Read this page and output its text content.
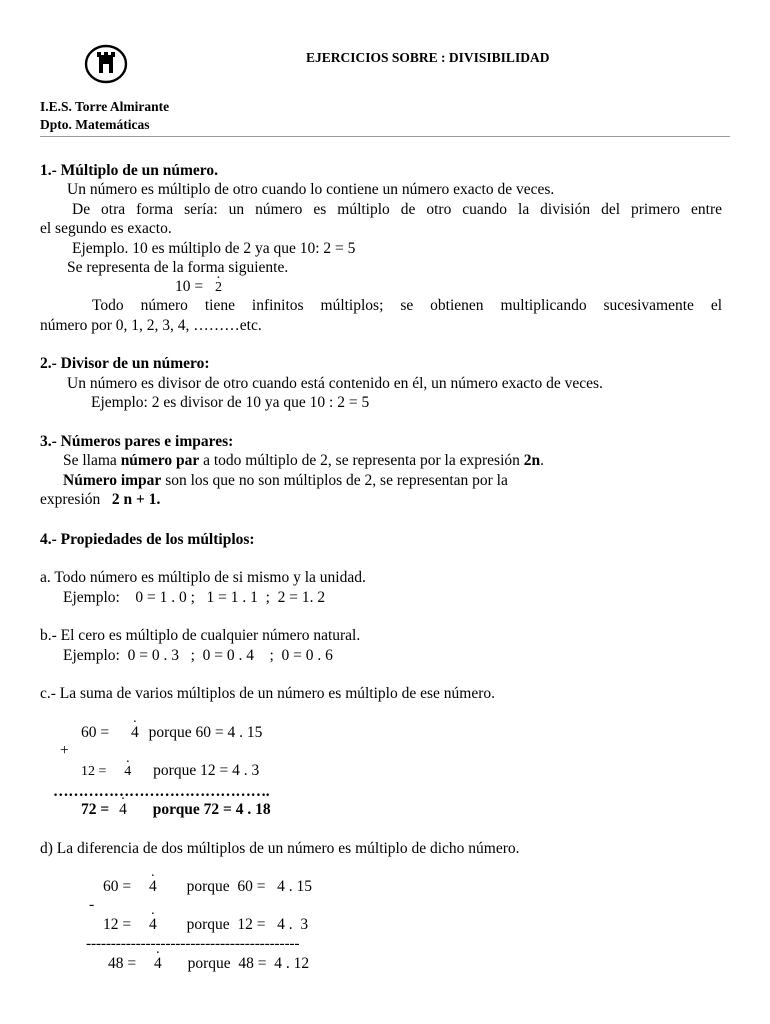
EJERCICIOS SOBRE : DIVISIBILIDAD
I.E.S. Torre Almirante
Dpto. Matemáticas
1.- Múltiplo de un número.
Un número es múltiplo de otro cuando lo contiene un número exacto de veces.
De otra forma sería: un número es múltiplo de otro cuando la división del primero entre
el segundo es exacto.
Ejemplo. 10 es múltiplo de 2 ya que 10: 2 = 5
Se representa de la forma siguiente.
10 = · 2
Todo número tiene infinitos múltiplos; se obtienen multiplicando sucesivamente el
número por 0, 1, 2, 3, 4, ………etc.
2.- Divisor de un número:
Un número es divisor de otro cuando está contenido en él, un número exacto de veces.
Ejemplo: 2 es divisor de 10 ya que 10 : 2 = 5
3.- Números pares e impares:
Se llama número par a todo múltiplo de 2, se representa por la expresión 2n.
Número impar son los que no son múltiplos de 2, se representan por la
expresión   2 n + 1.
4.- Propiedades de los múltiplos:
a. Todo número es múltiplo de si mismo y la unidad.
Ejemplo:    0 = 1 . 0 ;   1 = 1 . 1  ;  2 = 1. 2
b.- El cero es múltiplo de cualquier número natural.
Ejemplo:  0 = 0 . 3   ;  0 = 0 . 4    ;  0 = 0 . 6
c.- La suma de varios múltiplos de un número es múltiplo de ese número.
60 = · 4 porque 60 = 4 . 15
+
12 = · 4 porque 12 = 4 . 3
…………………………………….
72 = · 4 porque 72 = 4 . 18
d) La diferencia de dos múltiplos de un número es múltiplo de dicho número.
60 = · 4 porque  60 =   4 . 15
-
12 = · 4 porque  12 =   4 .  3
-------------------------------------------
48 = · 4 porque  48 =  4 . 12
